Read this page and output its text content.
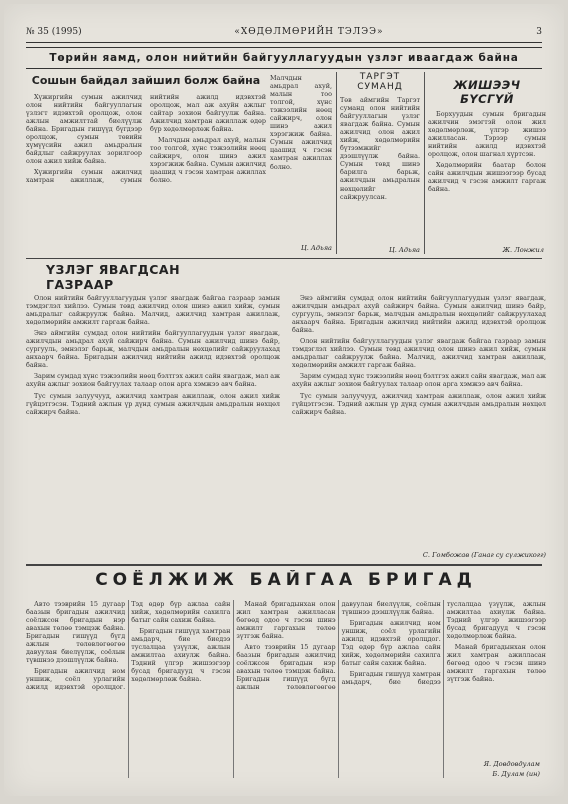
№ 35 (1995)	«ХӨДӨЛМӨРИЙН ТЭЛЭЭ»	3
Төрийн яамд, олон нийтийн байгууллагуудын үзлэг иваагдаж байна
Сошын байдал зайшил болж байна

Хүжиргийн сумын ажилчид олон нийтийн байгууллагын үзлэгт идэвхтэй оролцож, олон ажлын амжилттай биелүүлж байна. Бригадын гишүүд бүгдээр оролцож, сумын төвийн хүмүүсийн ажил амьдралын байдлыг сайжруулах зорилгоор олон ажил хийж байна.

Хүжиргийн сумын ажилчид хамтран ажиллаж, сумын нийтийн ажилд идэвхтэй оролцож, мал аж ахуйн ажлыг сайтар зохион байгуулж байна. Ажилчид хамтран ажиллаж өдөр бүр хөдөлмөрлөж байна.

Малчдын амьдрал ахуй, малын тоо толгой, хүнс тэжээлийн нөөц сайжирч, олон шинэ ажил хэрэгжиж байна. Сумын ажилчид цаашид ч гэсэн хамтран ажиллах болно.

Малчдын амьдрал ахуй, малын тоо толгой, хүнс тэжээлийн нөөц сайжирч, олон шинэ ажил хэрэгжиж байна. Сумын ажилчид цаашид ч гэсэн хамтран ажиллах болно.
Ц. Адьяа
ТАРГЭТ
СУМАНД
Төв аймгийн Таргэт суманд олон нийтийн байгууллагын үзлэг явагдаж байна. Сумын ажилчид олон ажил хийж, хөдөлмөрийн бүтээмжийг дээшлүүлж байна. Сумын төвд шинэ барилга барьж, ажилчдын амьдралын нөхцөлийг сайжруулсан.
Ц. Адьяа
ЖИШЭЭЧ БҮСГҮЙ

Борхуудын сумын бригадын ажилчин эмэгтэй олон жил хөдөлмөрлөж, үлгэр жишээ ажилласан. Тэрээр сумын нийтийн ажилд идэвхтэй оролцож, олон шагнал хүртсэн.

Хөдөлмөрийн баатар болон сайн ажилчдын жишээгээр бусад ажилчид ч гэсэн амжилт гаргаж байна.

Ж. Лонжил
ҮЗЛЭГ ЯВАГДСАН ГАЗРААР

Олон нийтийн байгууллагуудын үзлэг явагдаж байгаа газраар замын тэмдэглэл хийлээ. Сумын төвд ажилчид олон шинэ ажил хийж, сумын амьдралыг сайжруулж байна. Малчид, ажилчид хамтран ажиллаж, хөдөлмөрийн амжилт гаргаж байна.

Энэ аймгийн сумдад олон нийтийн байгууллагуудын үзлэг явагдаж, ажилчдын амьдрал ахуй сайжирч байна. Сумын ажилчид шинэ байр, сургууль, эмнэлэг барьж, малчдын амьдралын нөхцөлийг сайжруулахад анхаарч байна. Бригадын ажилчид нийтийн ажилд идэвхтэй оролцож байна.

Зарим сумдад хүнс тэжээлийн нөөц бэлтгэх ажил сайн явагдаж, мал аж ахуйн ажлыг зохион байгуулах талаар олон арга хэмжээ авч байна.

Тус сумын залуучууд, ажилчид хамтран ажиллаж, олон ажил хийж гүйцэтгэсэн. Тэдний ажлын үр дүнд сумын ажилчдын амьдралын нөхцөл сайжирч байна.

Энэ аймгийн сумдад олон нийтийн байгууллагуудын үзлэг явагдаж, ажилчдын амьдрал ахуй сайжирч байна. Сумын ажилчид шинэ байр, сургууль, эмнэлэг барьж, малчдын амьдралын нөхцөлийг сайжруулахад анхаарч байна. Бригадын ажилчид нийтийн ажилд идэвхтэй оролцож байна.

Олон нийтийн байгууллагуудын үзлэг явагдаж байгаа газраар замын тэмдэглэл хийлээ. Сумын төвд ажилчид олон шинэ ажил хийж, сумын амьдралыг сайжруулж байна. Малчид, ажилчид хамтран ажиллаж, хөдөлмөрийн амжилт гаргаж байна.

Зарим сумдад хүнс тэжээлийн нөөц бэлтгэх ажил сайн явагдаж, мал аж ахуйн ажлыг зохион байгуулах талаар олон арга хэмжээ авч байна.

Тус сумын залуучууд, ажилчид хамтран ажиллаж, олон ажил хийж гүйцэтгэсэн. Тэдний ажлын үр дүнд сумын ажилчдын амьдралын нөхцөл сайжирч байна.

С. Гомбожав (Ганаг су сүлжикогг)
СОЁЛЖИЖ БАЙГАА БРИГАД

Авто тээврийн 15 дугаар баазын бригадын ажилчид соёлжсон бригадын нэр авахын төлөө тэмцэж байна. Бригадын гишүүд бүгд ажлын төлөвлөгөөгөө давуулан биелүүлж, соёлын түвшнээ дээшлүүлж байна.

Бригадын ажилчид ном уншиж, соёл урлагийн ажилд идэвхтэй оролцдог. Тэд өдөр бүр ажлаа сайн хийж, хөдөлмөрийн сахилга батыг сайн сахиж байна.

Бригадын гишүүд хамтран амьдарч, бие биедээ туслалцаа үзүүлж, ажлын амжилтаа ахиулж байна. Тэдний үлгэр жишээгээр бусад бригадууд ч гэсэн хөдөлмөрлөж байна.

Манай бригадынхан олон жил хамтран ажилласан бөгөөд одоо ч гэсэн шинэ амжилт гаргахын төлөө зүтгэж байна.

Авто тээврийн 15 дугаар баазын бригадын ажилчид соёлжсон бригадын нэр авахын төлөө тэмцэж байна. Бригадын гишүүд бүгд ажлын төлөвлөгөөгөө давуулан биелүүлж, соёлын түвшнээ дээшлүүлж байна.

Бригадын ажилчид ном уншиж, соёл урлагийн ажилд идэвхтэй оролцдог. Тэд өдөр бүр ажлаа сайн хийж, хөдөлмөрийн сахилга батыг сайн сахиж байна.

Бригадын гишүүд хамтран амьдарч, бие биедээ туслалцаа үзүүлж, ажлын амжилтаа ахиулж байна. Тэдний үлгэр жишээгээр бусад бригадууд ч гэсэн хөдөлмөрлөж байна.

Манай бригадынхан олон жил хамтран ажилласан бөгөөд одоо ч гэсэн шинэ амжилт гаргахын төлөө зүтгэж байна.

Я. Довдовдулам
Б. Дулам (ин)
